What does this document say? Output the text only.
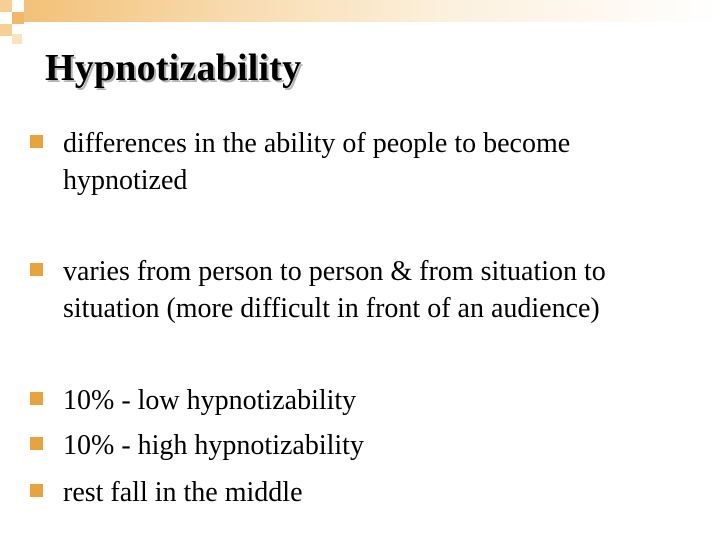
Hypnotizability
differences in the ability of people to become hypnotized
varies from person to person & from situation to situation (more difficult in front of an audience)
10% - low hypnotizability
10% - high hypnotizability
rest fall in the middle
